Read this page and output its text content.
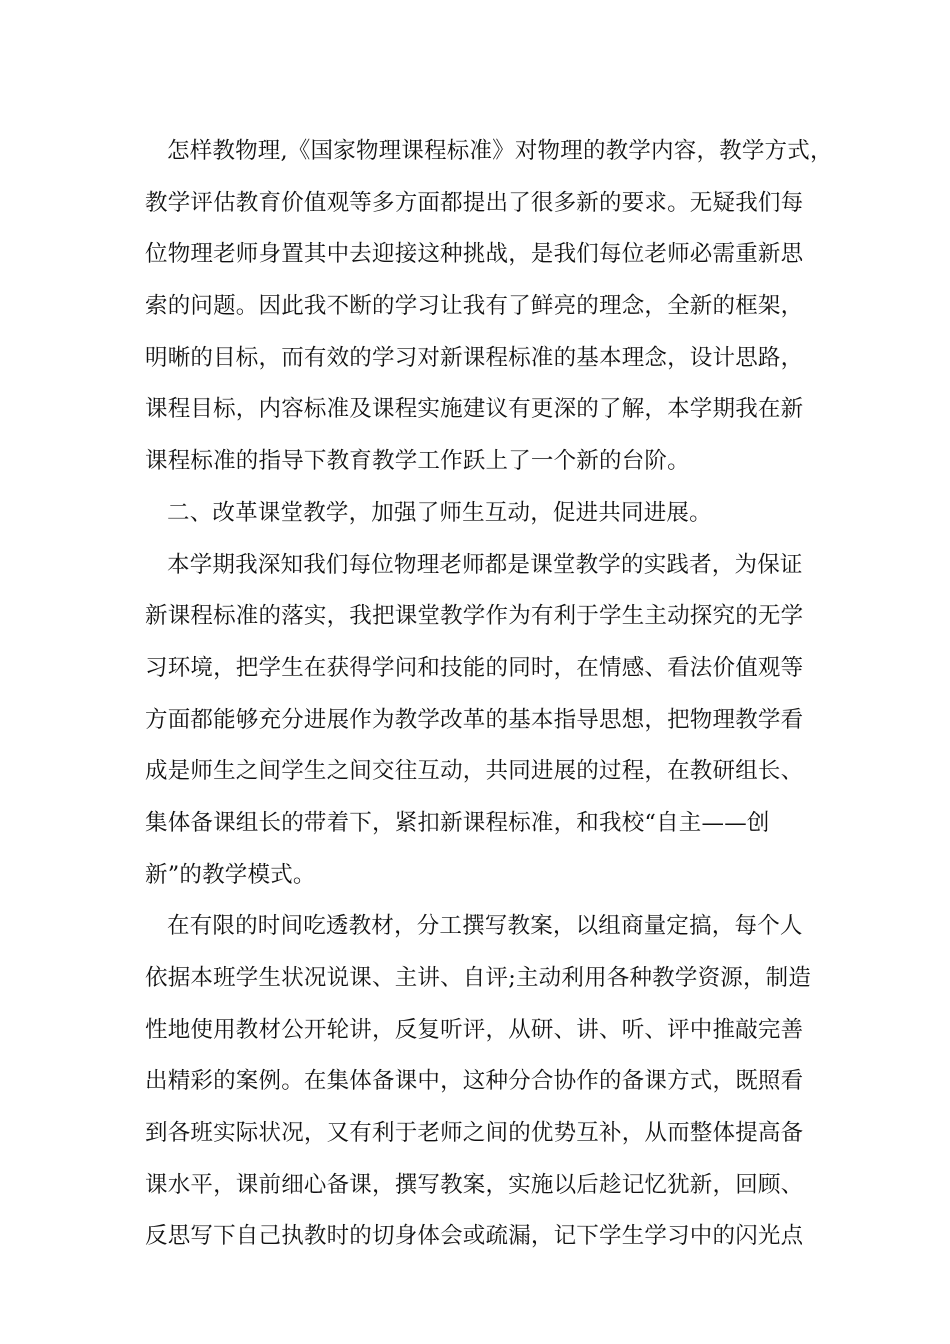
怎样教物理,《国家物理课程标准》对物理的教学内容，教学方式，
教学评估教育价值观等多方面都提出了很多新的要求。无疑我们每
位物理老师身置其中去迎接这种挑战，是我们每位老师必需重新思
索的问题。因此我不断的学习让我有了鲜亮的理念，全新的框架，
明晰的目标，而有效的学习对新课程标准的基本理念，设计思路，
课程目标，内容标准及课程实施建议有更深的了解，本学期我在新
课程标准的指导下教育教学工作跃上了一个新的台阶。
二、改革课堂教学，加强了师生互动，促进共同进展。
本学期我深知我们每位物理老师都是课堂教学的实践者，为保证
新课程标准的落实，我把课堂教学作为有利于学生主动探究的无学
习环境，把学生在获得学问和技能的同时，在情感、看法价值观等
方面都能够充分进展作为教学改革的基本指导思想，把物理教学看
成是师生之间学生之间交往互动，共同进展的过程，在教研组长、
集体备课组长的带着下，紧扣新课程标准，和我校“自主——创
新”的教学模式。
在有限的时间吃透教材，分工撰写教案，以组商量定搞，每个人
依据本班学生状况说课、主讲、自评;主动利用各种教学资源，制造
性地使用教材公开轮讲，反复听评，从研、讲、听、评中推敲完善
出精彩的案例。在集体备课中，这种分合协作的备课方式，既照看
到各班实际状况，又有利于老师之间的优势互补，从而整体提高备
课水平，课前细心备课，撰写教案，实施以后趁记忆犹新，回顾、
反思写下自己执教时的切身体会或疏漏，记下学生学习中的闪光点
